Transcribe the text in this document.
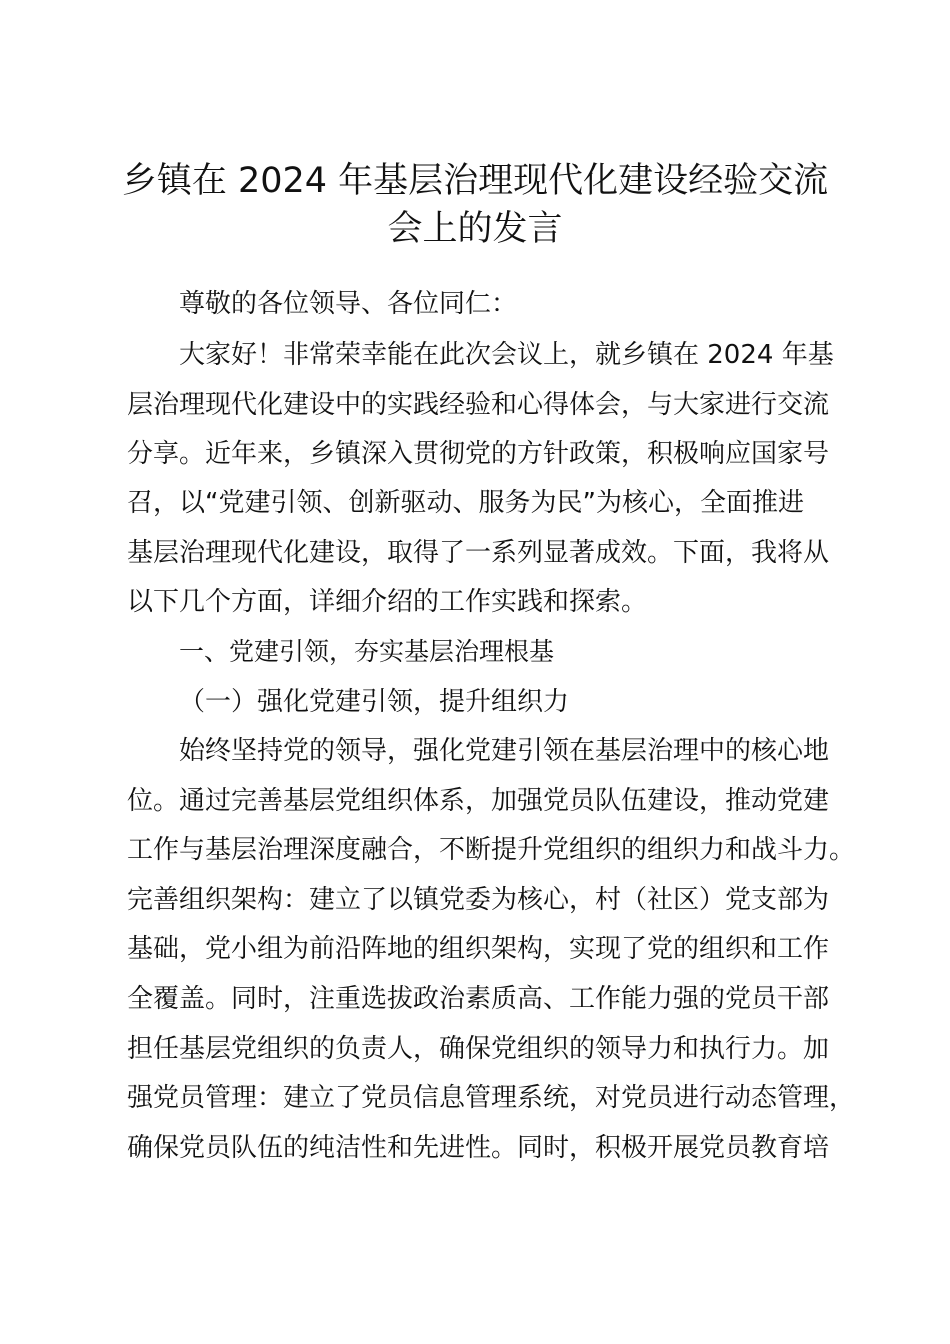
乡镇在 2024 年基层治理现代化建设经验交流
会上的发言
尊敬的各位领导、各位同仁：
大家好！非常荣幸能在此次会议上，就乡镇在 2024 年基
层治理现代化建设中的实践经验和心得体会，与大家进行交流
分享。近年来，乡镇深入贯彻党的方针政策，积极响应国家号
召，以“党建引领、创新驱动、服务为民”为核心，全面推进
基层治理现代化建设，取得了一系列显著成效。下面，我将从
以下几个方面，详细介绍的工作实践和探索。
一、党建引领，夯实基层治理根基
（一）强化党建引领，提升组织力
始终坚持党的领导，强化党建引领在基层治理中的核心地
位。通过完善基层党组织体系，加强党员队伍建设，推动党建
工作与基层治理深度融合，不断提升党组织的组织力和战斗力。
完善组织架构：建立了以镇党委为核心，村（社区）党支部为
基础，党小组为前沿阵地的组织架构，实现了党的组织和工作
全覆盖。同时，注重选拔政治素质高、工作能力强的党员干部
担任基层党组织的负责人，确保党组织的领导力和执行力。加
强党员管理：建立了党员信息管理系统，对党员进行动态管理，
确保党员队伍的纯洁性和先进性。同时，积极开展党员教育培
